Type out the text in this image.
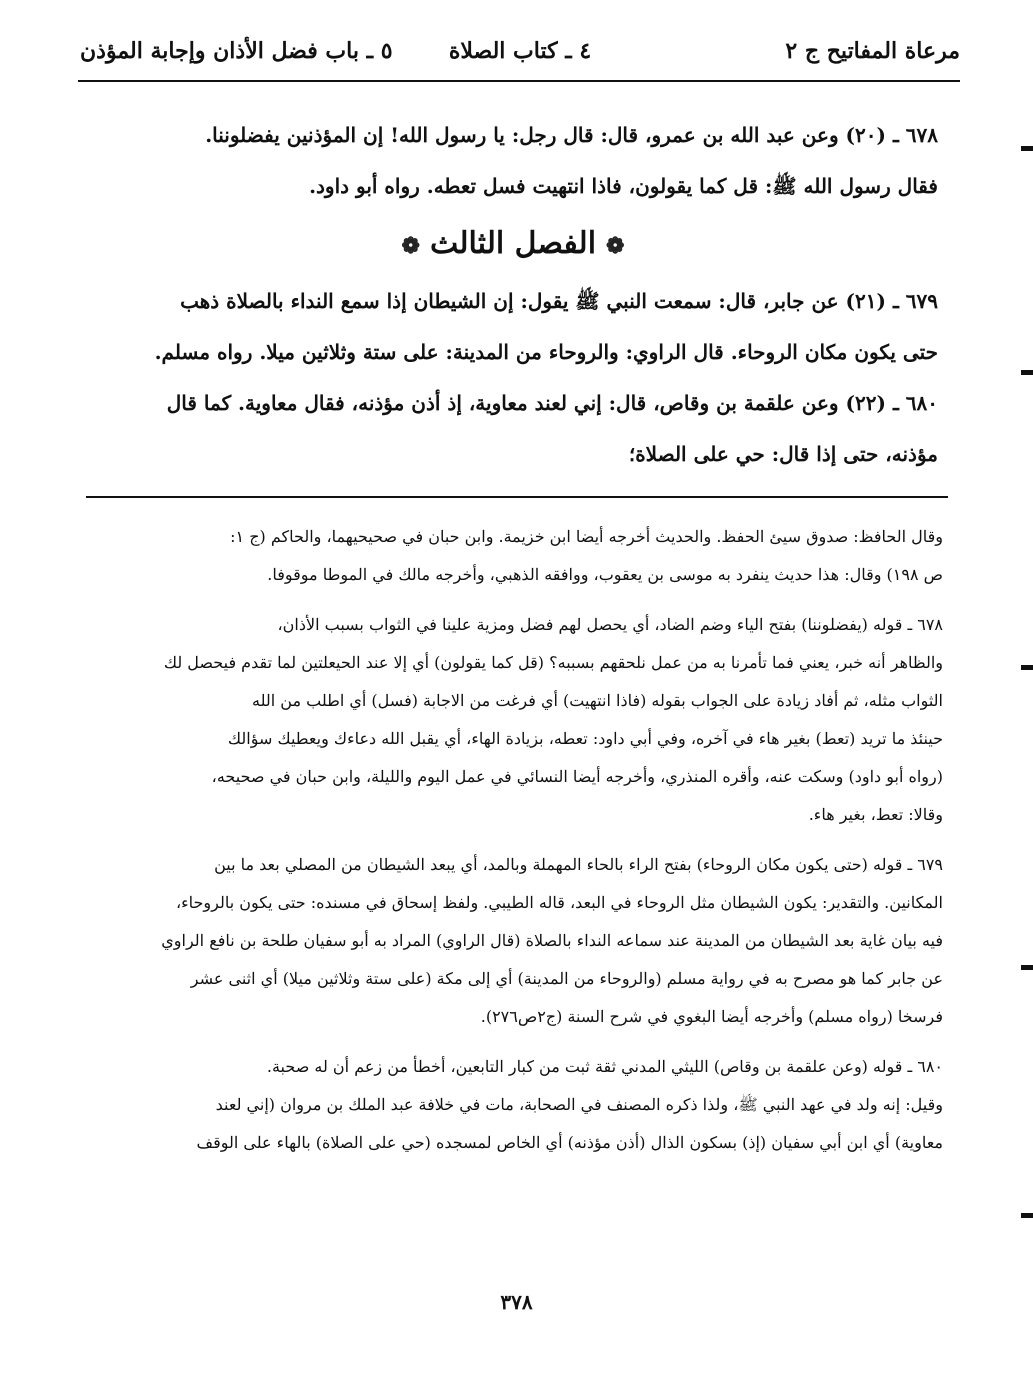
مرعاة المفاتيح ج ٢
٤ ـ كتاب الصلاة
٥ ـ باب فضل الأذان وإجابة المؤذن
٦٧٨ ـ (٢٠) وعن عبد الله بن عمرو، قال: قال رجل: يا رسول الله! إن المؤذنين يفضلوننا.
فقال رسول الله ﷺ: قل كما يقولون، فاذا انتهيت فسل تعطه. رواه أبو داود.
❁الفصل الثالث❁
٦٧٩ ـ (٢١) عن جابر، قال: سمعت النبي ﷺ يقول: إن الشيطان إذا سمع النداء بالصلاة ذهب
حتى يكون مكان الروحاء. قال الراوي: والروحاء من المدينة: على ستة وثلاثين ميلا. رواه مسلم.
٦٨٠ ـ (٢٢) وعن علقمة بن وقاص، قال: إني لعند معاوية، إذ أذن مؤذنه، فقال معاوية. كما قال
مؤذنه، حتى إذا قال: حي على الصلاة؛
وقال الحافظ: صدوق سيئ الحفظ. والحديث أخرجه أيضا ابن خزيمة. وابن حبان في صحيحيهما، والحاكم (ج ١:
ص ١٩٨) وقال: هذا حديث ينفرد به موسى بن يعقوب، ووافقه الذهبي، وأخرجه مالك في الموطا موقوفا.
٦٧٨ ـ قوله (يفضلوننا) بفتح الياء وضم الضاد، أي يحصل لهم فضل ومزية علينا في الثواب بسبب الأذان،
والظاهر أنه خبر، يعني فما تأمرنا به من عمل نلحقهم بسببه؟ (قل كما يقولون) أي إلا عند الحيعلتين لما تقدم فيحصل لك
الثواب مثله، ثم أفاد زيادة على الجواب بقوله (فاذا انتهيت) أي فرغت من الاجابة (فسل) أي اطلب من الله
حينئذ ما تريد (تعط) بغير هاء في آخره، وفي أبي داود: تعطه، بزيادة الهاء، أي يقبل الله دعاءك ويعطيك سؤالك
(رواه أبو داود) وسكت عنه، وأقره المنذري، وأخرجه أيضا النسائي في عمل اليوم والليلة، وابن حبان في صحيحه،
وقالا: تعط، بغير هاء.
٦٧٩ ـ قوله (حتى يكون مكان الروحاء) بفتح الراء بالحاء المهملة وبالمد، أي يبعد الشيطان من المصلي بعد ما بين
المكانين. والتقدير: يكون الشيطان مثل الروحاء في البعد، قاله الطيبي. ولفظ إسحاق في مسنده: حتى يكون بالروحاء،
فيه بيان غاية بعد الشيطان من المدينة عند سماعه النداء بالصلاة (قال الراوي) المراد به أبو سفيان طلحة بن نافع الراوي
عن جابر كما هو مصرح به في رواية مسلم (والروحاء من المدينة) أي إلى مكة (على ستة وثلاثين ميلا) أي اثنى عشر
فرسخا (رواه مسلم) وأخرجه أيضا البغوي في شرح السنة (ج٢ص٢٧٦).
٦٨٠ ـ قوله (وعن علقمة بن وقاص) الليثي المدني ثقة ثبت من كبار التابعين، أخطأ من زعم أن له صحبة.
وقيل: إنه ولد في عهد النبي ﷺ، ولذا ذكره المصنف في الصحابة، مات في خلافة عبد الملك بن مروان (إني لعند
معاوية) أي ابن أبي سفيان (إذ) بسكون الذال (أذن مؤذنه) أي الخاص لمسجده (حي على الصلاة) بالهاء على الوقف
٣٧٨
